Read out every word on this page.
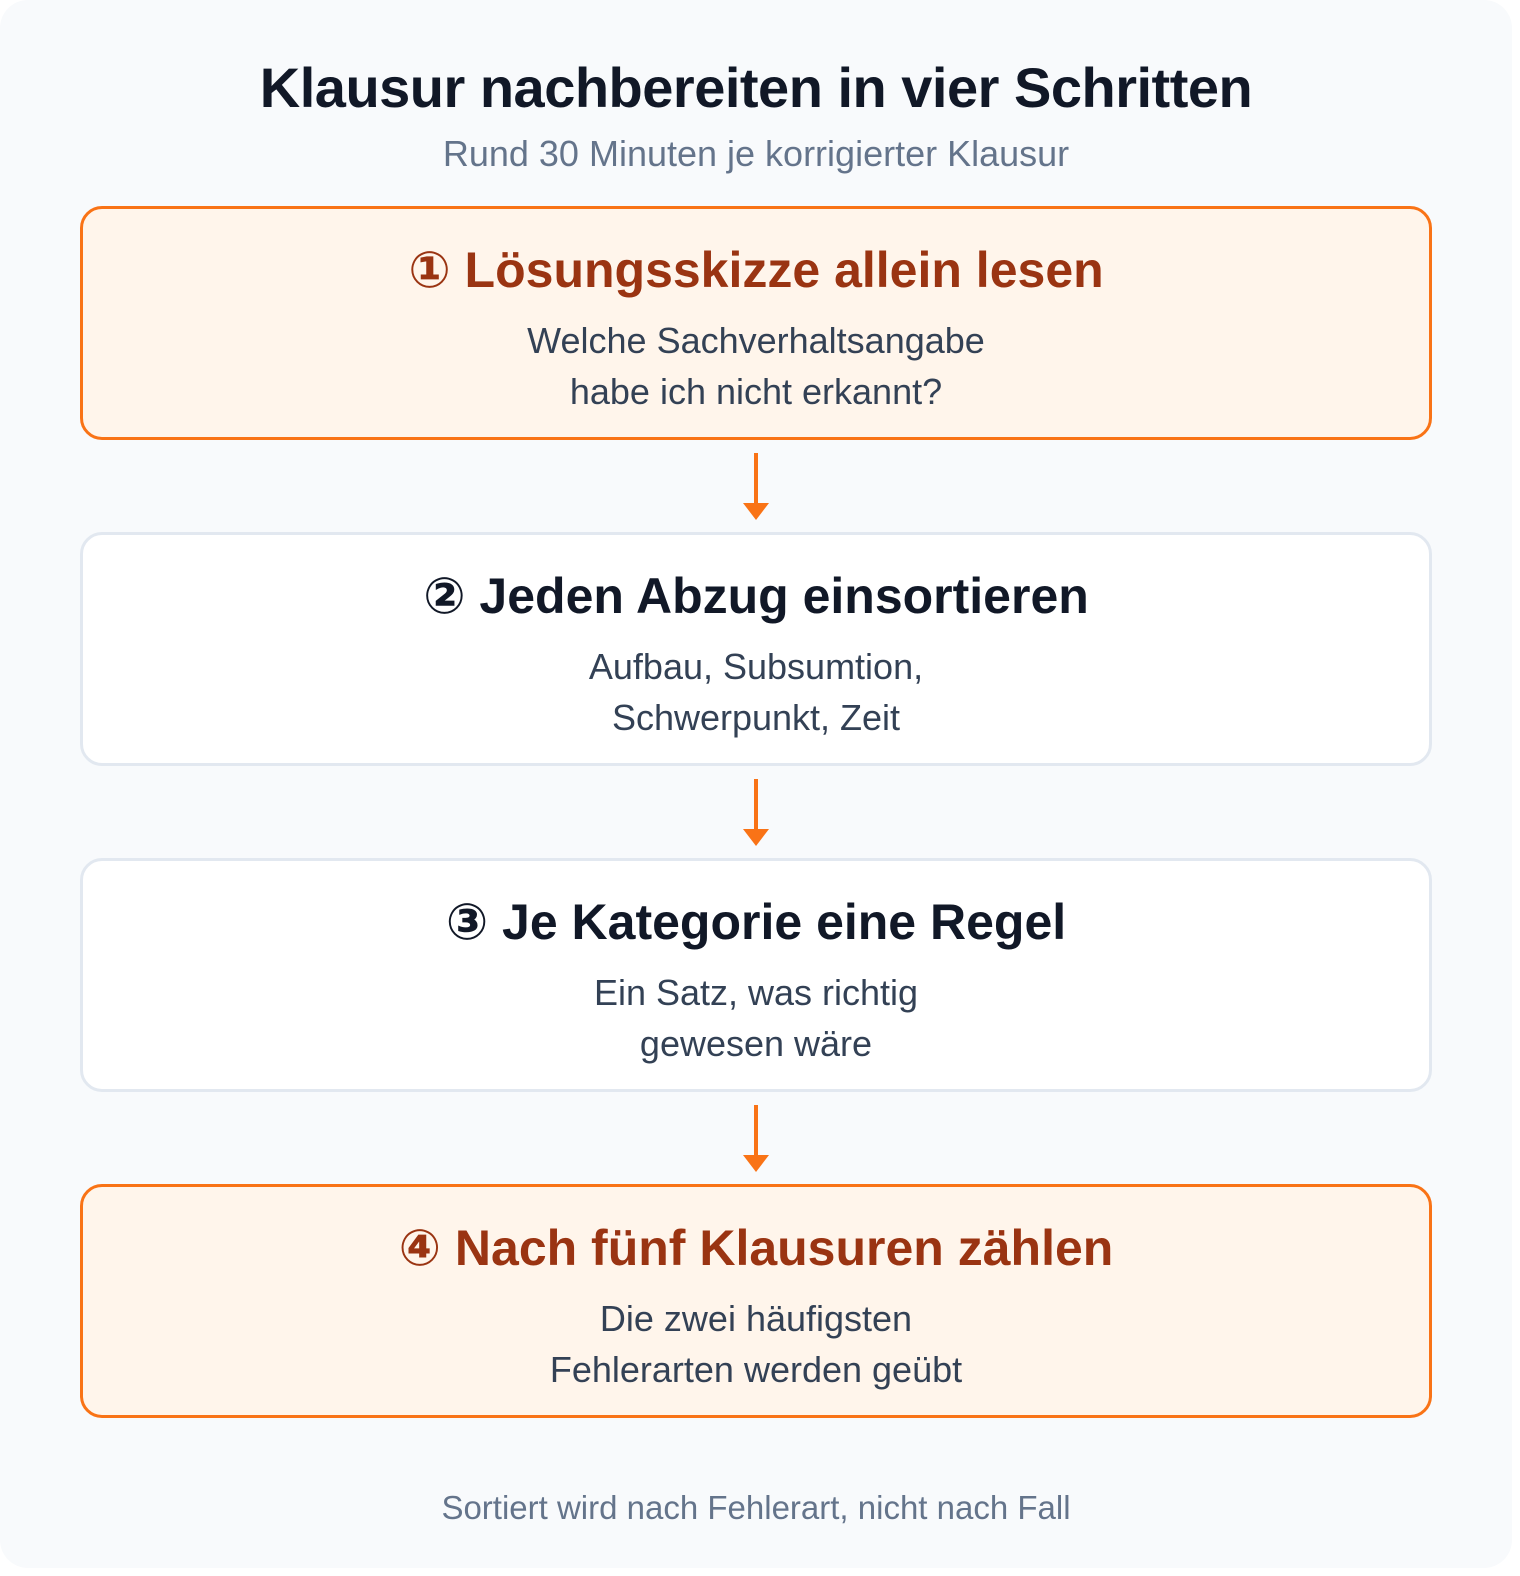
Klausur nachbereiten in vier Schritten
Rund 30 Minuten je korrigierter Klausur
① Lösungsskizze allein lesen
Welche Sachverhaltsangabe
habe ich nicht erkannt?
② Jeden Abzug einsortieren
Aufbau, Subsumtion,
Schwerpunkt, Zeit
③ Je Kategorie eine Regel
Ein Satz, was richtig
gewesen wäre
④ Nach fünf Klausuren zählen
Die zwei häufigsten
Fehlerarten werden geübt
Sortiert wird nach Fehlerart, nicht nach Fall
